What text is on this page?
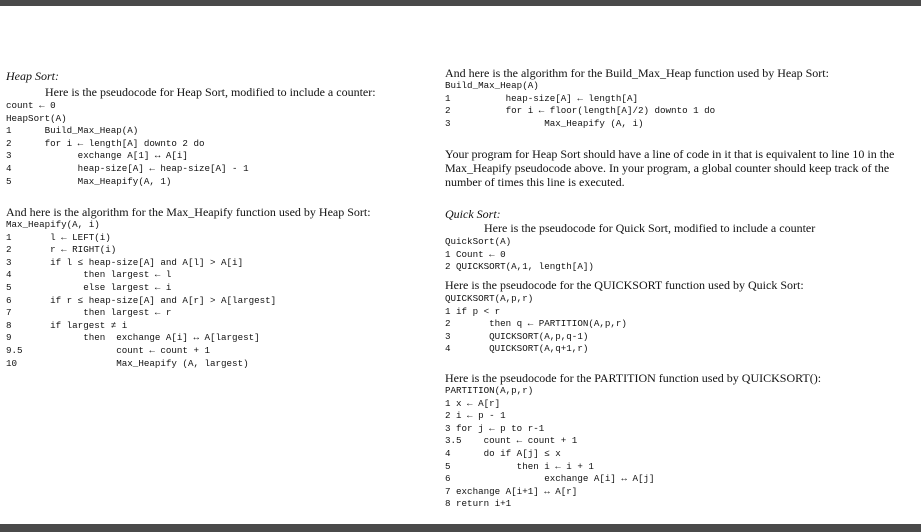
Heap Sort:
Here is the pseudocode for Heap Sort, modified to include a counter:
count ← 0
HeapSort(A)
1      Build_Max_Heap(A)
2      for i ← length[A] downto 2 do
3            exchange A[1] ↔ A[i]
4            heap-size[A] ← heap-size[A] - 1
5            Max_Heapify(A, 1)
And here is the algorithm for the Max_Heapify function used by Heap Sort:
Max_Heapify(A, i)
1       l ← LEFT(i)
2       r ← RIGHT(i)
3       if l ≤ heap-size[A] and A[l] > A[i]
4             then largest ← l
5             else largest ← i
6       if r ≤ heap-size[A] and A[r] > A[largest]
7             then largest ← r
8       if largest ≠ i
9             then  exchange A[i] ↔ A[largest]
9.5                 count ← count + 1
10                  Max_Heapify (A, largest)
And here is the algorithm for the Build_Max_Heap function used by Heap Sort:
Build_Max_Heap(A)
1          heap-size[A] ← length[A]
2          for i ← floor(length[A]/2) downto 1 do
3                 Max_Heapify (A, i)
Your program for Heap Sort should have a line of code in it that is equivalent to line 10 in the Max_Heapify pseudocode above. In your program, a global counter should keep track of the number of times this line is executed.
Quick Sort:
Here is the pseudocode for Quick Sort, modified to include a counter
QuickSort(A)
1 Count ← 0
2 QUICKSORT(A,1, length[A])
Here is the pseudocode for the QUICKSORT function used by Quick Sort:
QUICKSORT(A,p,r)
1 if p < r
2       then q ← PARTITION(A,p,r)
3       QUICKSORT(A,p,q-1)
4       QUICKSORT(A,q+1,r)
Here is the pseudocode for the PARTITION function used by QUICKSORT():
PARTITION(A,p,r)
1 x ← A[r]
2 i ← p - 1
3 for j ← p to r-1
3.5    count ← count + 1
4      do if A[j] ≤ x
5            then i ← i + 1
6                 exchange A[i] ↔ A[j]
7 exchange A[i+1] ↔ A[r]
8 return i+1
